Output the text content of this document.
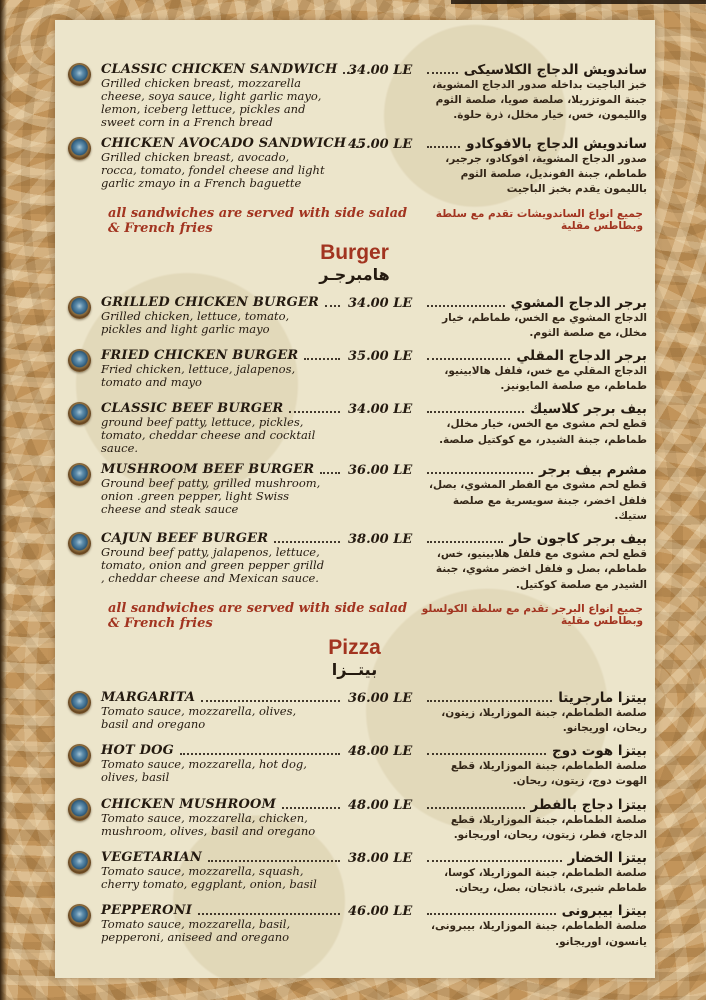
CLASSIC CHICKEN SANDWICH
Grilled chicken breast, mozzarella cheese, soya sauce, light garlic mayo, lemon, iceberg lettuce, pickles and sweet corn in a French bread
34.00 LE	ساندويش الدجاج الكلاسيكى
خبز الباجيت بداخله صدور الدجاج المشوية، جبنة الموتزريلا، صلصة صويا، صلصة الثوم والليمون، خس، خيار مخلل، ذرة حلوة.
CHICKEN AVOCADO SANDWICH
Grilled chicken breast, avocado, rocca, tomato, fondel cheese and light garlic zmayo in a French baguette
45.00 LE	ساندويش الدجاج بالافوكادو
صدور الدجاج المشوية، افوكادو، جرجير، طماطم، جبنة الفونديل، صلصة الثوم بالليمون يقدم بخبز الباجيت
all sandwiches are served with side salad & French fries
جميع انواع الساندويشات تقدم مع سلطة وبطاطس مقلية
Burger
هامبرجـر
GRILLED CHICKEN BURGER
Grilled chicken, lettuce, tomato, pickles and light garlic mayo
34.00 LE	برجر الدجاج المشوي
الدجاج المشوي مع الخس، طماطم، خيار مخلل، مع صلصة الثوم.
FRIED CHICKEN BURGER
Fried chicken, lettuce, jalapenos, tomato and mayo
35.00 LE	برجر الدجاج المقلي
الدجاج المقلي مع خس، فلفل هالابينيو، طماطم، مع صلصة المايونيز.
CLASSIC BEEF BURGER
ground beef patty, lettuce, pickles, tomato, cheddar cheese and cocktail sauce.
34.00 LE	بيف برجر كلاسيك
قطع لحم مشوى مع الخس، خيار مخلل، طماطم، جبنة الشيدر، مع كوكتيل صلصة.
MUSHROOM BEEF BURGER
Ground beef patty, grilled mushroom, onion .green pepper, light Swiss cheese and steak sauce
36.00 LE	مشرم بيف برجر
قطع لحم مشوى مع الفطر المشوي، بصل، فلفل اخضر، جبنة سويسرية مع صلصة ستيك.
CAJUN BEEF BURGER
Ground beef patty, jalapenos, lettuce, tomato, onion and green pepper grilld , cheddar cheese and Mexican sauce.
38.00 LE	بيف برجر كاجون حار
قطع لحم مشوى مع فلفل هلابينيو، خس، طماطم، بصل و فلفل اخضر مشوي، جبنة الشيدر مع صلصة كوكتيل.
all sandwiches are served with side salad & French fries
جميع انواع البرجر تقدم مع سلطة الكولسلو وبطاطس مقلية
Pizza
بيتــزا
MARGARITA
Tomato sauce, mozzarella, olives, basil and oregano
36.00 LE	بيتزا مارجريتا
صلصة الطماطم، جبنة الموزاريلا، زيتون، ريحان، اوريجانو.
HOT DOG
Tomato sauce, mozzarella, hot dog, olives, basil
48.00 LE	بيتزا هوت دوج
صلصة الطماطم، جبنة الموزاريلا، قطع الهوت دوج، زيتون، ريحان.
CHICKEN MUSHROOM
Tomato sauce, mozzarella, chicken, mushroom, olives, basil and oregano
48.00 LE	بيتزا دجاج بالفطر
صلصة الطماطم، جبنة الموزاريلا، قطع الدجاج، فطر، زيتون، ريحان، اوريجانو.
VEGETARIAN
Tomato sauce, mozzarella, squash, cherry tomato, eggplant, onion, basil
38.00 LE	بيتزا الخضار
صلصة الطماطم، جبنة الموزاريلا، كوسا، طماطم شيرى، باذنجان، بصل، ريحان.
PEPPERONI
Tomato sauce, mozzarella, basil, pepperoni, aniseed and oregano
46.00 LE	بيتزا بيبرونى
صلصة الطماطم، جبنة الموزاريلا، بيبرونى، يانسون، اوريجانو.
